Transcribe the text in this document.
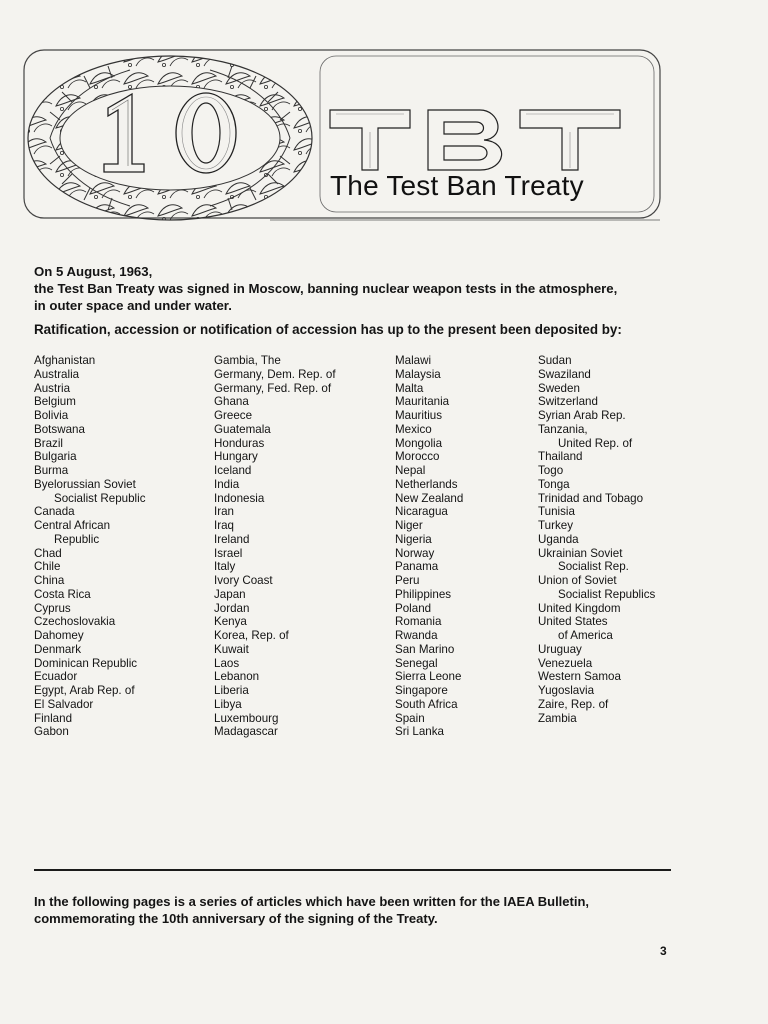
The Test Ban Treaty
On 5 August, 1963,
the Test Ban Treaty was signed in Moscow, banning nuclear weapon tests in the atmosphere,
in outer space and under water.
Ratification, accession or notification of accession has up to the present been deposited by:
Afghanistan
Australia
Austria
Belgium
Bolivia
Botswana
Brazil
Bulgaria
Burma
Byelorussian Soviet
Socialist Republic
Canada
Central African
Republic
Chad
Chile
China
Costa Rica
Cyprus
Czechoslovakia
Dahomey
Denmark
Dominican Republic
Ecuador
Egypt, Arab Rep. of
El Salvador
Finland
Gabon
Gambia, The
Germany, Dem. Rep. of
Germany, Fed. Rep. of
Ghana
Greece
Guatemala
Honduras
Hungary
Iceland
India
Indonesia
Iran
Iraq
Ireland
Israel
Italy
Ivory Coast
Japan
Jordan
Kenya
Korea, Rep. of
Kuwait
Laos
Lebanon
Liberia
Libya
Luxembourg
Madagascar
Malawi
Malaysia
Malta
Mauritania
Mauritius
Mexico
Mongolia
Morocco
Nepal
Netherlands
New Zealand
Nicaragua
Niger
Nigeria
Norway
Panama
Peru
Philippines
Poland
Romania
Rwanda
San Marino
Senegal
Sierra Leone
Singapore
South Africa
Spain
Sri Lanka
Sudan
Swaziland
Sweden
Switzerland
Syrian Arab Rep.
Tanzania,
United Rep. of
Thailand
Togo
Tonga
Trinidad and Tobago
Tunisia
Turkey
Uganda
Ukrainian Soviet
Socialist Rep.
Union of Soviet
Socialist Republics
United Kingdom
United States
of America
Uruguay
Venezuela
Western Samoa
Yugoslavia
Zaire, Rep. of
Zambia
In the following pages is a series of articles which have been written for the IAEA Bulletin,
commemorating the 10th anniversary of the signing of the Treaty.
3
